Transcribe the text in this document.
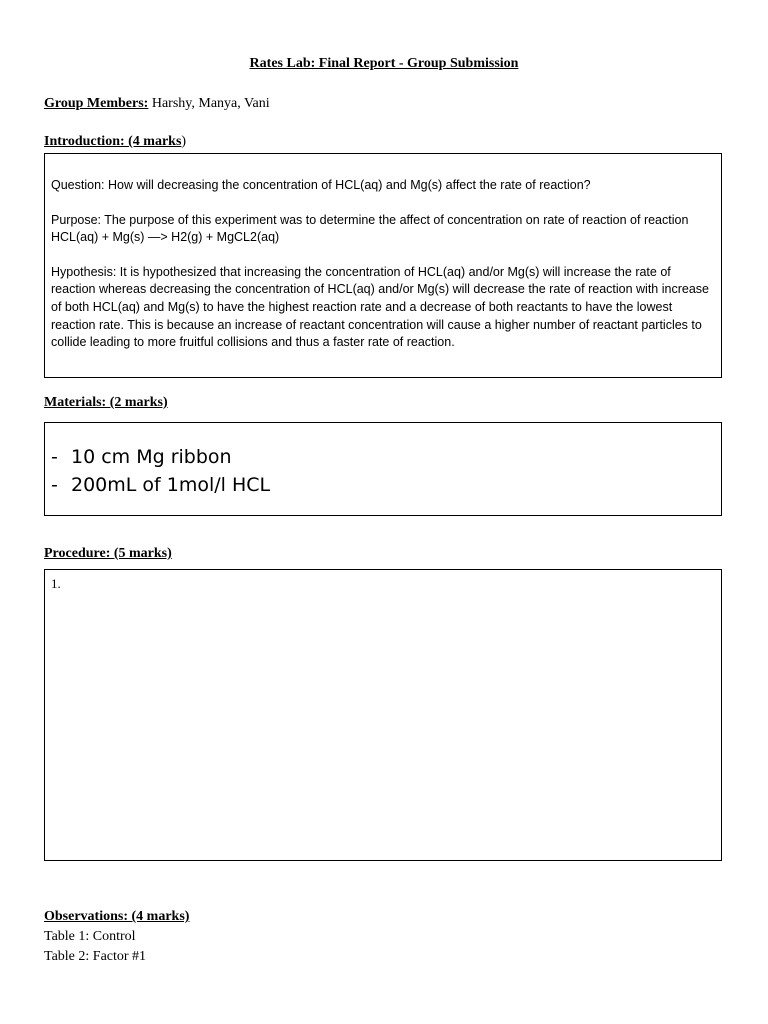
Rates Lab: Final Report - Group Submission
Group Members: Harshy, Manya, Vani
Introduction: (4 marks)

Question: How will decreasing the concentration of HCL(aq) and Mg(s) affect the rate of reaction?

Purpose: The purpose of this experiment was to determine the affect of concentration on rate of reaction of reaction HCL(aq) + Mg(s) —> H2(g) + MgCL2(aq)

Hypothesis: It is hypothesized that increasing the concentration of HCL(aq) and/or Mg(s) will increase the rate of reaction whereas decreasing the concentration of HCL(aq) and/or Mg(s) will decrease the rate of reaction with increase of both HCL(aq) and Mg(s) to have the highest reaction rate and a decrease of both reactants to have the lowest reaction rate. This is because an increase of reactant concentration will cause a higher number of reactant particles to collide leading to more fruitful collisions and thus a faster rate of reaction.

Materials: (2 marks)
- 10 cm Mg ribbon
- 200mL of 1mol/l HCL
Procedure: (5 marks)
1.
Observations: (4 marks)
Table 1: Control
Table 2: Factor #1
